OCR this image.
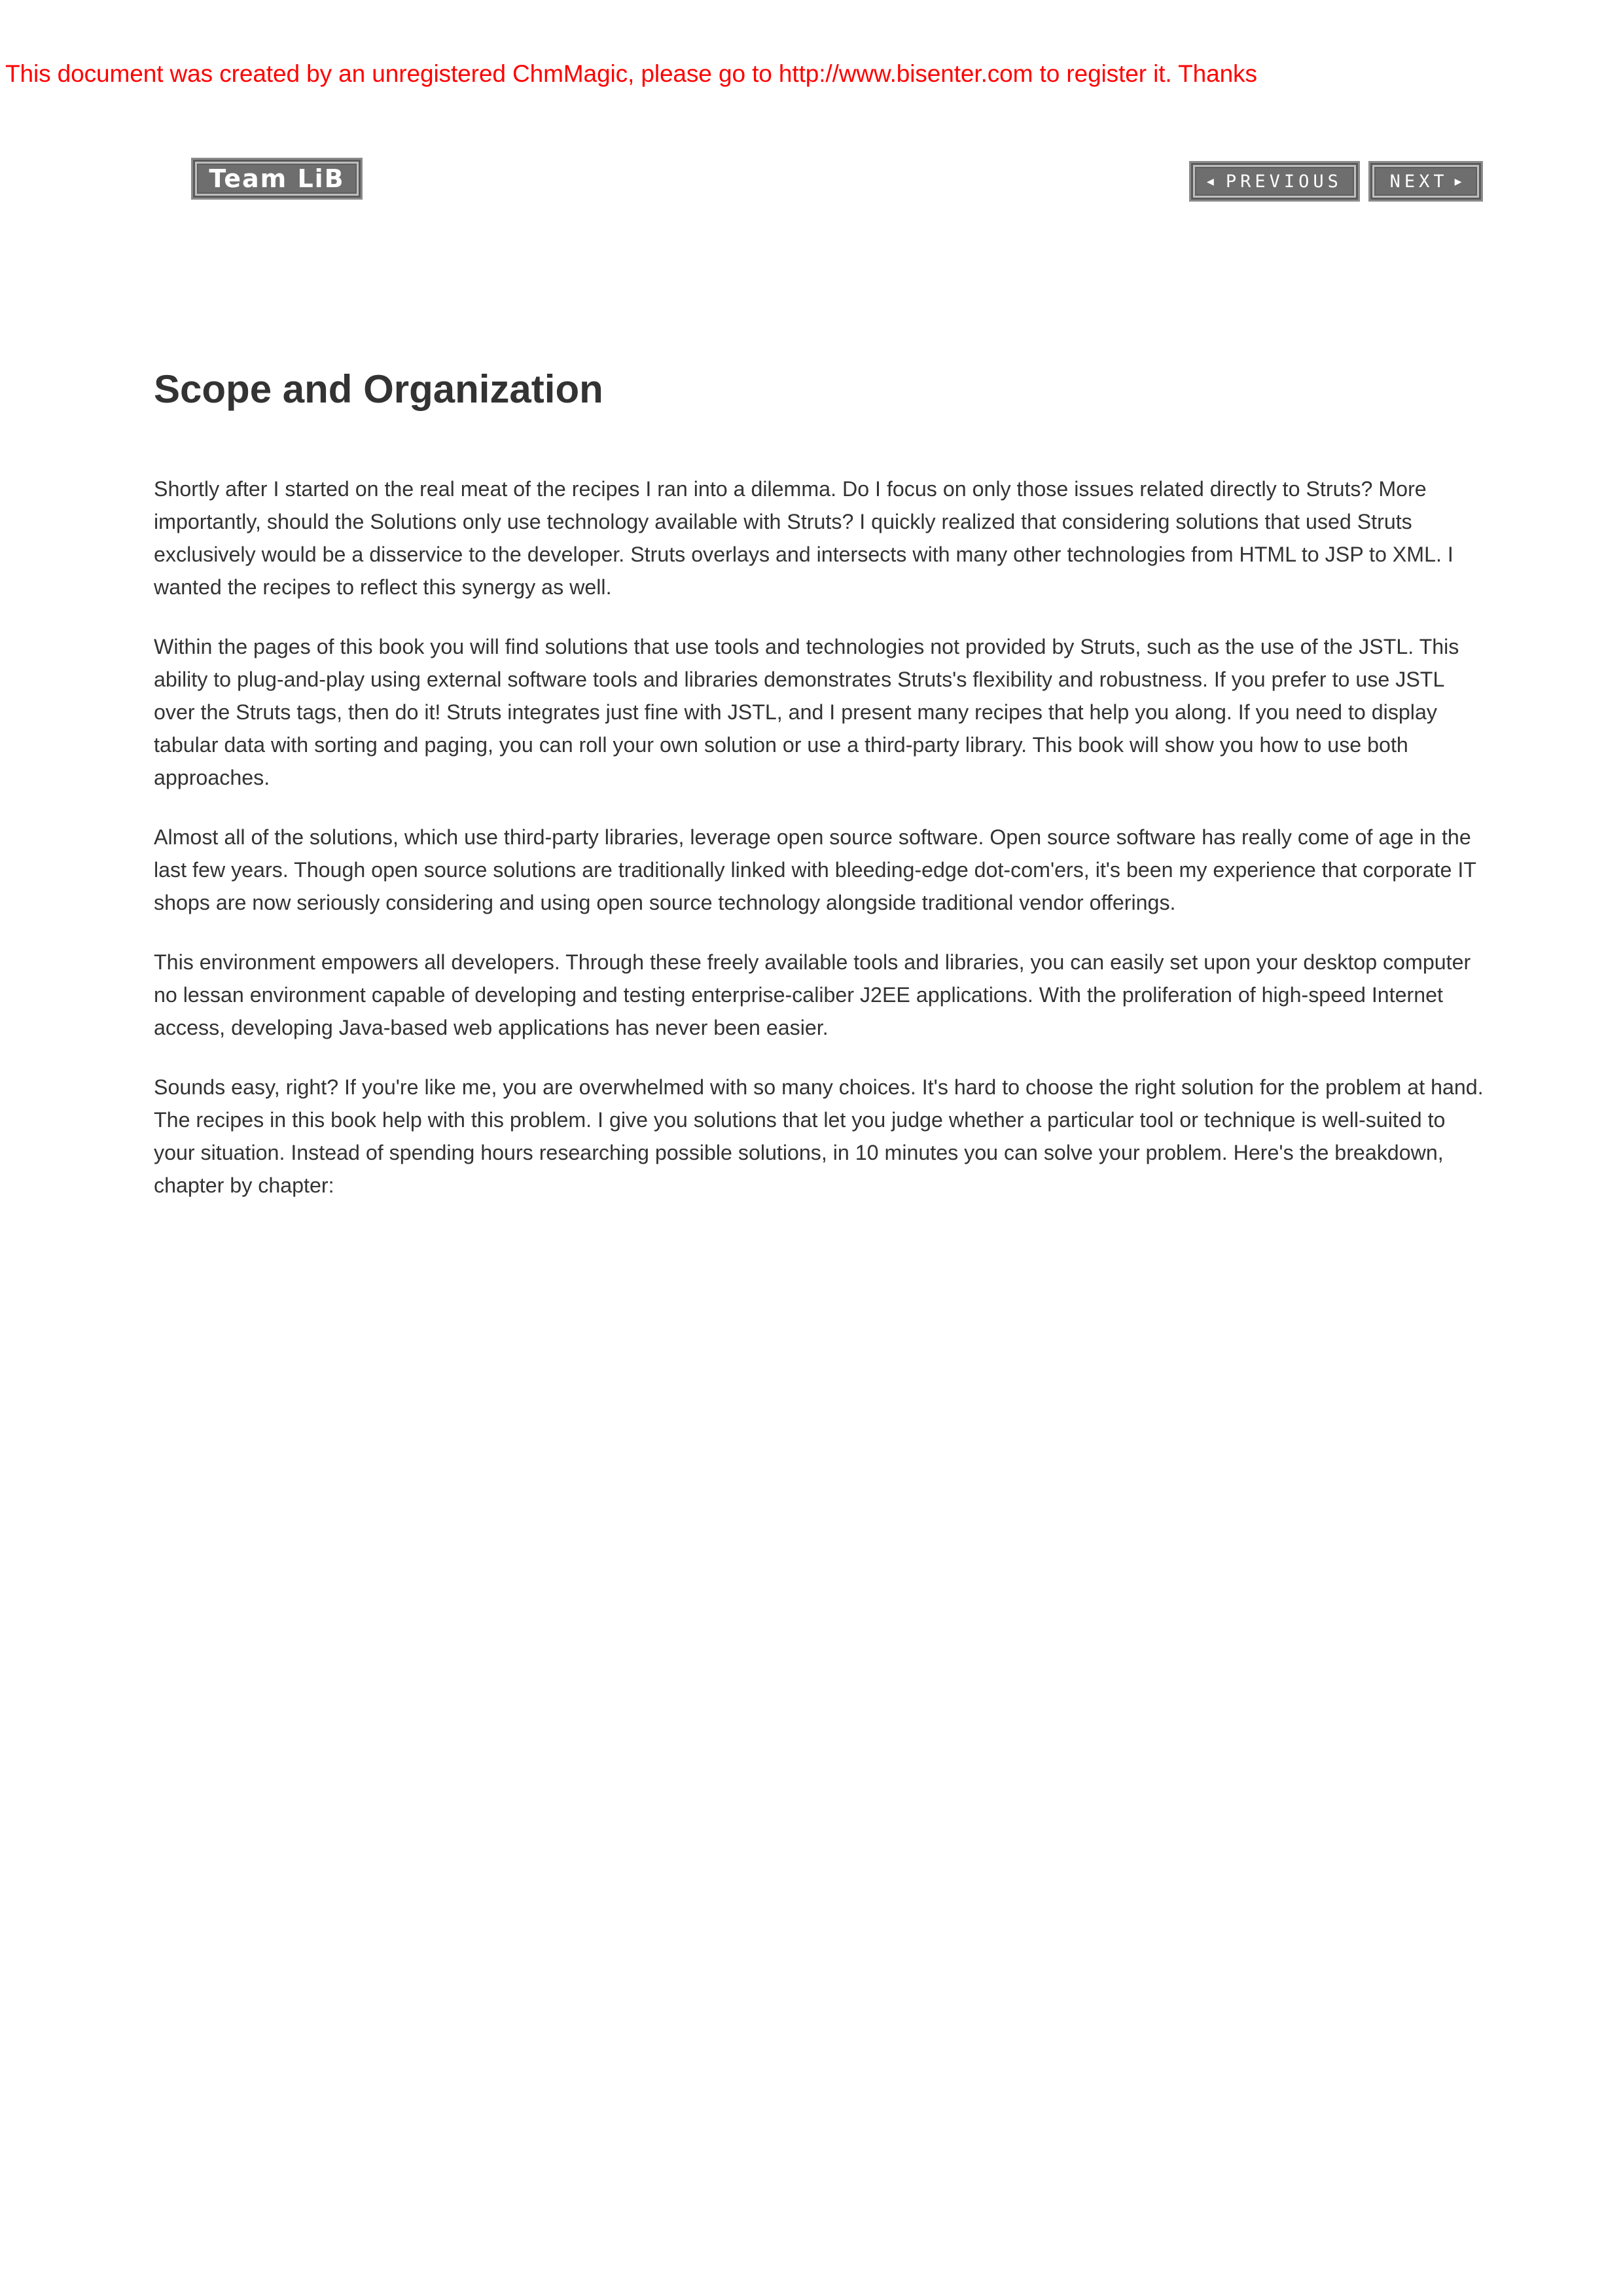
This document was created by an unregistered ChmMagic, please go to http://www.bisenter.com to register it. Thanks
Team LiB	◀ PREVIOUS	NEXT ▶
Scope and Organization

Shortly after I started on the real meat of the recipes I ran into a dilemma. Do I focus on only those issues related directly to Struts? More importantly, should the Solutions only use technology available with Struts? I quickly realized that considering solutions that used Struts exclusively would be a disservice to the developer. Struts overlays and intersects with many other technologies from HTML to JSP to XML. I wanted the recipes to reflect this synergy as well.

Within the pages of this book you will find solutions that use tools and technologies not provided by Struts, such as the use of the JSTL. This ability to plug-and-play using external software tools and libraries demonstrates Struts's flexibility and robustness. If you prefer to use JSTL over the Struts tags, then do it! Struts integrates just fine with JSTL, and I present many recipes that help you along. If you need to display tabular data with sorting and paging, you can roll your own solution or use a third-party library. This book will show you how to use both approaches.

Almost all of the solutions, which use third-party libraries, leverage open source software. Open source software has really come of age in the last few years. Though open source solutions are traditionally linked with bleeding-edge dot-com'ers, it's been my experience that corporate IT shops are now seriously considering and using open source technology alongside traditional vendor offerings.

This environment empowers all developers. Through these freely available tools and libraries, you can easily set upon your desktop computer no lessan environment capable of developing and testing enterprise-caliber J2EE applications. With the proliferation of high-speed Internet access, developing Java-based web applications has never been easier.

Sounds easy, right? If you're like me, you are overwhelmed with so many choices. It's hard to choose the right solution for the problem at hand. The recipes in this book help with this problem. I give you solutions that let you judge whether a particular tool or technique is well-suited to your situation. Instead of spending hours researching possible solutions, in 10 minutes you can solve your problem. Here's the breakdown, chapter by chapter:
